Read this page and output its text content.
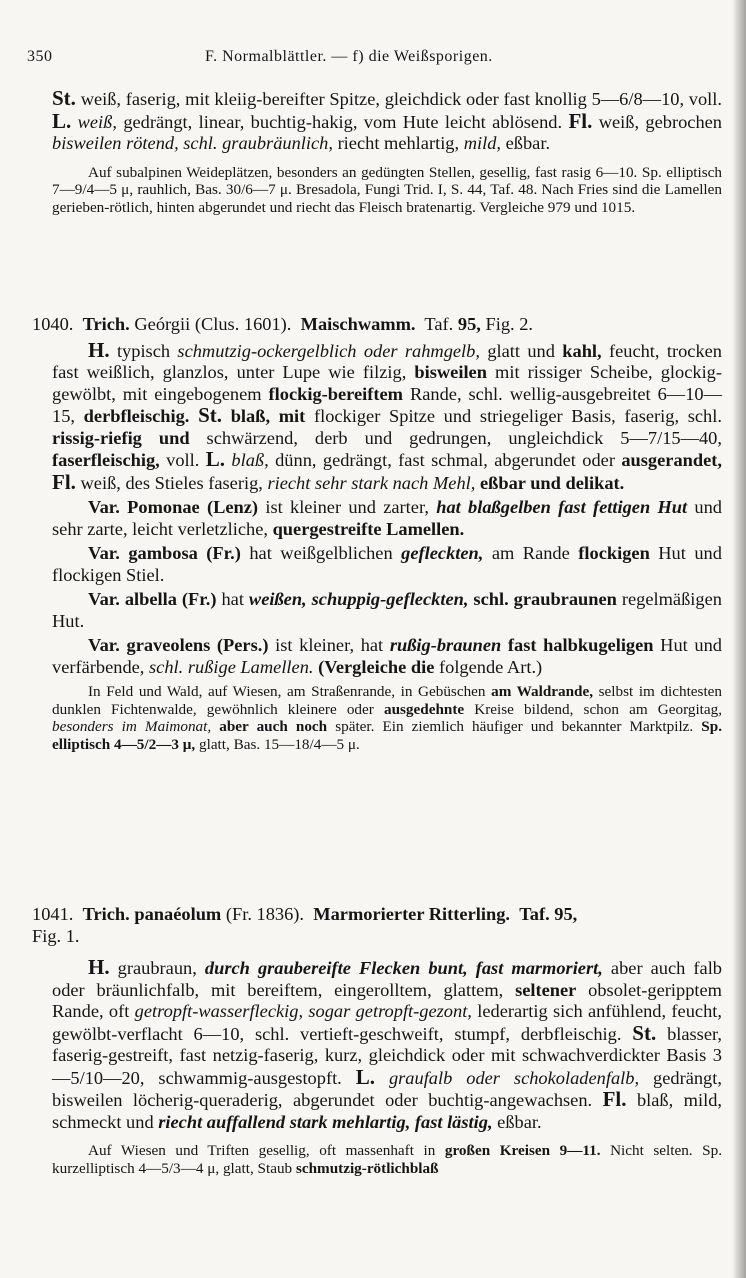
350	F. Normalblättler. — f) die Weißsporigen.

St. weiß, faserig, mit kleiig-bereifter Spitze, gleichdick oder fast knollig 5—6/8—10, voll. L. weiß, gedrängt, linear, buchtig-hakig, vom Hute leicht ablösend. Fl. weiß, gebrochen bisweilen rötend, schl. graubräunlich, riecht mehlartig, mild, eßbar.

Auf subalpinen Weideplätzen, besonders an gedüngten Stellen, gesellig, fast rasig 6—10. Sp. elliptisch 7—9/4—5 μ, rauhlich, Bas. 30/6—7 μ. Bresadola, Fungi Trid. I, S. 44, Taf. 48. Nach Fries sind die Lamellen gerieben-rötlich, hinten abgerundet und riecht das Fleisch bratenartig. Vergleiche 979 und 1015.

1040. Trich. Geórgii (Clus. 1601). Maischwamm. Taf. 95, Fig. 2.

H. typisch schmutzig-ockergelblich oder rahmgelb, glatt und kahl, feucht, trocken fast weißlich, glanzlos, unter Lupe wie filzig, bisweilen mit rissiger Scheibe, glockig-gewölbt, mit eingebogenem flockig-bereiftem Rande, schl. wellig-ausgebreitet 6—10—15, derbfleischig. St. blaß, mit flockiger Spitze und striegeliger Basis, faserig, schl. rissig-riefig und schwärzend, derb und gedrungen, ungleichdick 5—7/15—40, faserfleischig, voll. L. blaß, dünn, gedrängt, fast schmal, abgerundet oder ausgerandet, Fl. weiß, des Stieles faserig, riecht sehr stark nach Mehl, eßbar und delikat.

Var. Pomonae (Lenz) ist kleiner und zarter, hat blaßgelben fast fettigen Hut und sehr zarte, leicht verletzliche, quergestreifte Lamellen.

Var. gambosa (Fr.) hat weißgelblichen gefleckten, am Rande flockigen Hut und flockigen Stiel.

Var. albella (Fr.) hat weißen, schuppig-gefleckten, schl. graubraunen regelmäßigen Hut.

Var. graveolens (Pers.) ist kleiner, hat rußig-braunen fast halbkugeligen Hut und verfärbende, schl. rußige Lamellen. (Vergleiche die folgende Art.)

In Feld und Wald, auf Wiesen, am Straßenrande, in Gebüschen am Waldrande, selbst im dichtesten dunklen Fichtenwalde, gewöhnlich kleinere oder ausgedehnte Kreise bildend, schon am Georgitag, besonders im Maimonat, aber auch noch später. Ein ziemlich häufiger und bekannter Marktpilz. Sp. elliptisch 4—5/2—3 μ, glatt, Bas. 15—18/4—5 μ.

1041. Trich. panaéolum (Fr. 1836). Marmorierter Ritterling. Taf. 95,
Fig. 1.

H. graubraun, durch graubereifte Flecken bunt, fast marmoriert, aber auch falb oder bräunlichfalb, mit bereiftem, eingerolltem, glattem, seltener obsolet-geripptem Rande, oft getropft-wasserfleckig, sogar getropft-gezont, lederartig sich anfühlend, feucht, gewölbt-verflacht 6—10, schl. vertieft-geschweift, stumpf, derbfleischig. St. blasser, faserig-gestreift, fast netzig-faserig, kurz, gleichdick oder mit schwachverdickter Basis 3—5/10—20, schwammig-ausgestopft. L. graufalb oder schokoladenfalb, gedrängt, bisweilen löcherig-queraderig, abgerundet oder buchtig-angewachsen. Fl. blaß, mild, schmeckt und riecht auffallend stark mehlartig, fast lästig, eßbar.

Auf Wiesen und Triften gesellig, oft massenhaft in großen Kreisen 9—11. Nicht selten. Sp. kurzelliptisch 4—5/3—4 μ, glatt, Staub schmutzig-rötlichblaß
